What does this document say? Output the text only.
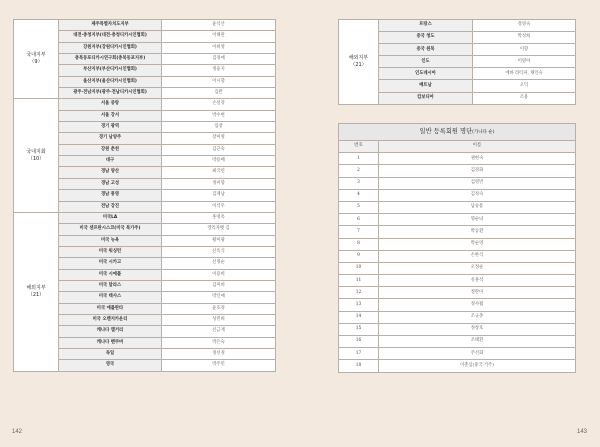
국내지부
（9）	제주특별자치도지부	윤석산
	대전·충청지부(대전·충청디카시인협회)	이태관
	강원지부(강원디카시인협회)	이희영
	충북동포디카시연구회(충북동포지부)	김경애
	부산지부(부산디카시인협회)	정윤지
	울산지부(울산디카시인협회)	이시향
	광주·전남지부(광주·전남디카시인협회)	김완
국내지회
（10）	서울 중랑	손설강
	서울 강서	박수현
	경기 광역	임창
	경기 남양주	장미영
	강원 춘천	김근숙
	대구	박용배
	경남 양산	최국연
	경남 고성	정미향
	경남 통영	김재남
	전남 강진	이석우
해외지부
（21）	미국LA	홍영옥
	미국 샌프란시스코(미국 북가주)	엘리자벳 김
	미국 뉴욕	황미광
	미국 워싱턴	신옥식
	미국 시카고	신정순
	미국 시애틀	이용희
	미국 달라스	김미희
	미국 텍사스	박인애
	미국 애틀란타	윤호경
	미국 오렌지카운티	성민희
	캐나다 캘거리	신금재
	캐나다 밴쿠버	박은숙
	독일	정선경
	영국	박주민
142
해외지부
（21）	프랑스	강영숙
	중국 청도	박성희
	중국 원북	이향
	인도	이영아
	인도네시아	에바 라티파, 채인숙
	베트남	오덕
	캄보디아	조용
일반 등록회원 명단(가나다 순)	
번호	이름
1	권현숙
2	김경화
3	김영빈
4	김정숙
5	남승룡
6	명순녀
7	박동환
8	박순영
9	손한식
10	오정순
11	유홍석
12	정란미
13	정사월
14	조규춘
15	정창호
16	조태환
17	주선화
18	이춘심(중국 거주)
143
